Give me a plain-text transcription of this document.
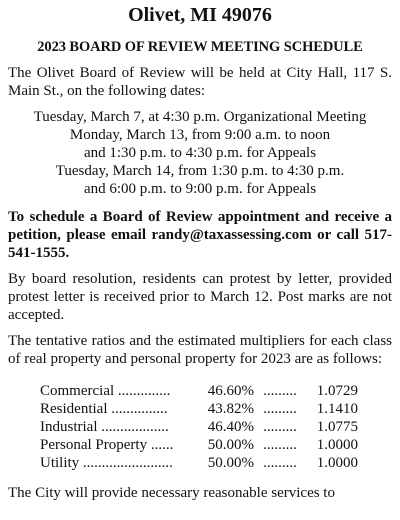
Olivet, MI 49076
2023 BOARD OF REVIEW MEETING SCHEDULE
The Olivet Board of Review will be held at City Hall, 117 S. Main St., on the following dates:
Tuesday, March 7, at 4:30 p.m. Organizational Meeting
Monday, March 13, from 9:00 a.m. to noon
and 1:30 p.m. to 4:30 p.m. for Appeals
Tuesday, March 14, from 1:30 p.m. to 4:30 p.m.
and 6:00 p.m. to 9:00 p.m. for Appeals
To schedule a Board of Review appointment and receive a petition, please email randy@taxassessing.com or call 517-541-1555.
By board resolution, residents can protest by letter, provided protest letter is received prior to March 12. Post marks are not accepted.
The tentative ratios and the estimated multipliers for each class of real property and personal property for 2023 are as follows:
Commercial ..............	46.60% .........	1.0729
Residential ...............	43.82% .........	1.1410
Industrial ..................	46.40% .........	1.0775
Personal Property ......	50.00% .........	1.0000
Utility ........................	50.00% .........	1.0000
The City will provide necessary reasonable services to
